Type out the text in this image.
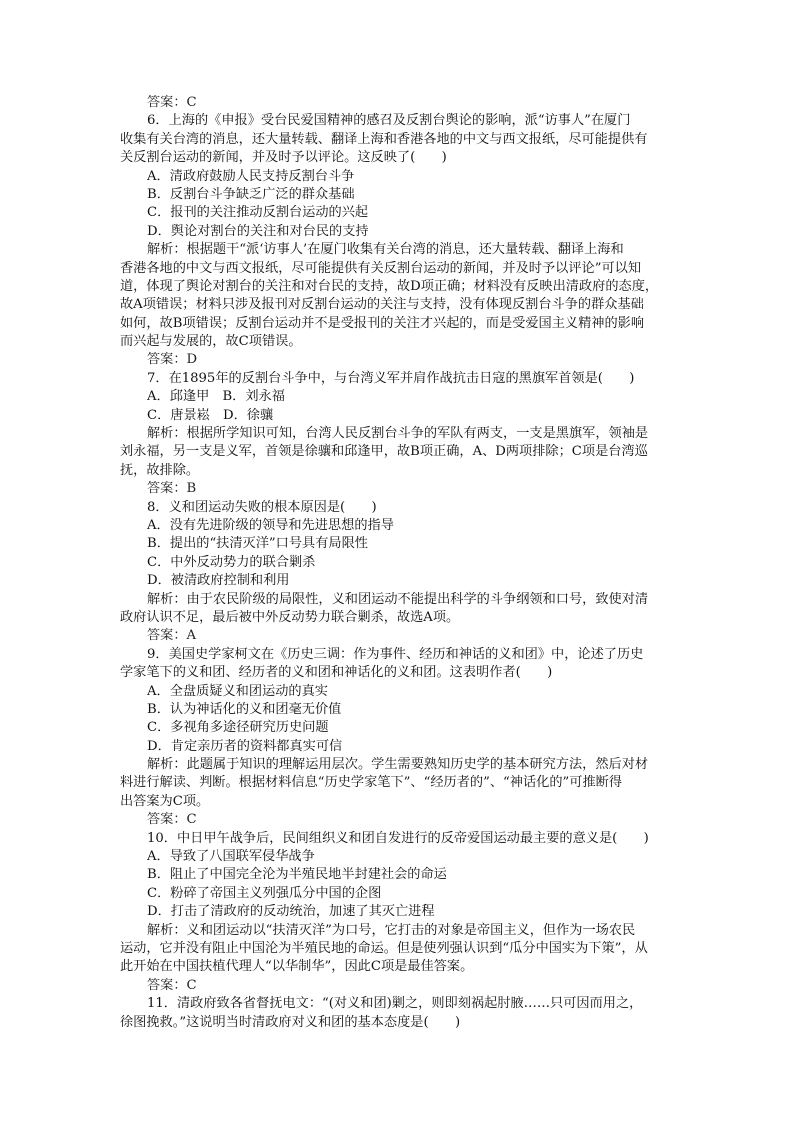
答案：C
6．上海的《申报》受台民爱国精神的感召及反割台舆论的影响，派“访事人”在厦门
收集有关台湾的消息，还大量转载、翻译上海和香港各地的中文与西文报纸，尽可能提供有
关反割台运动的新闻，并及时予以评论。这反映了(　　)
A．清政府鼓励人民支持反割台斗争
B．反割台斗争缺乏广泛的群众基础
C．报刊的关注推动反割台运动的兴起
D．舆论对割台的关注和对台民的支持
解析：根据题干“派‘访事人’在厦门收集有关台湾的消息，还大量转载、翻译上海和
香港各地的中文与西文报纸，尽可能提供有关反割台运动的新闻，并及时予以评论”可以知
道，体现了舆论对割台的关注和对台民的支持，故D项正确；材料没有反映出清政府的态度，
故A项错误；材料只涉及报刊对反割台运动的关注与支持，没有体现反割台斗争的群众基础
如何，故B项错误；反割台运动并不是受报刊的关注才兴起的，而是受爱国主义精神的影响
而兴起与发展的，故C项错误。
答案：D
7．在1895年的反割台斗争中，与台湾义军并肩作战抗击日寇的黑旗军首领是(　　)
A．邱逢甲　B．刘永福
C．唐景崧　D．徐骧
解析：根据所学知识可知，台湾人民反割台斗争的军队有两支，一支是黑旗军，领袖是
刘永福，另一支是义军，首领是徐骧和邱逢甲，故B项正确，A、D两项排除；C项是台湾巡
抚，故排除。
答案：B
8．义和团运动失败的根本原因是(　　)
A．没有先进阶级的领导和先进思想的指导
B．提出的“扶清灭洋”口号具有局限性
C．中外反动势力的联合剿杀
D．被清政府控制和利用
解析：由于农民阶级的局限性，义和团运动不能提出科学的斗争纲领和口号，致使对清
政府认识不足，最后被中外反动势力联合剿杀，故选A项。
答案：A
9．美国史学家柯文在《历史三调：作为事件、经历和神话的义和团》中，论述了历史
学家笔下的义和团、经历者的义和团和神话化的义和团。这表明作者(　　)
A．全盘质疑义和团运动的真实
B．认为神话化的义和团毫无价值
C．多视角多途径研究历史问题
D．肯定亲历者的资料都真实可信
解析：此题属于知识的理解运用层次。学生需要熟知历史学的基本研究方法，然后对材
料进行解读、判断。根据材料信息“历史学家笔下”、“经历者的”、“神话化的”可推断得
出答案为C项。
答案：C
10．中日甲午战争后，民间组织义和团自发进行的反帝爱国运动最主要的意义是(　　)
A．导致了八国联军侵华战争
B．阻止了中国完全沦为半殖民地半封建社会的命运
C．粉碎了帝国主义列强瓜分中国的企图
D．打击了清政府的反动统治，加速了其灭亡进程
解析：义和团运动以“扶清灭洋”为口号，它打击的对象是帝国主义，但作为一场农民
运动，它并没有阻止中国沦为半殖民地的命运。但是使列强认识到“瓜分中国实为下策”，从
此开始在中国扶植代理人“以华制华”，因此C项是最佳答案。
答案：C
11．清政府致各省督抚电文：“(对义和团)剿之，则即刻祸起肘腋……只可因而用之，
徐图挽救。”这说明当时清政府对义和团的基本态度是(　　)
